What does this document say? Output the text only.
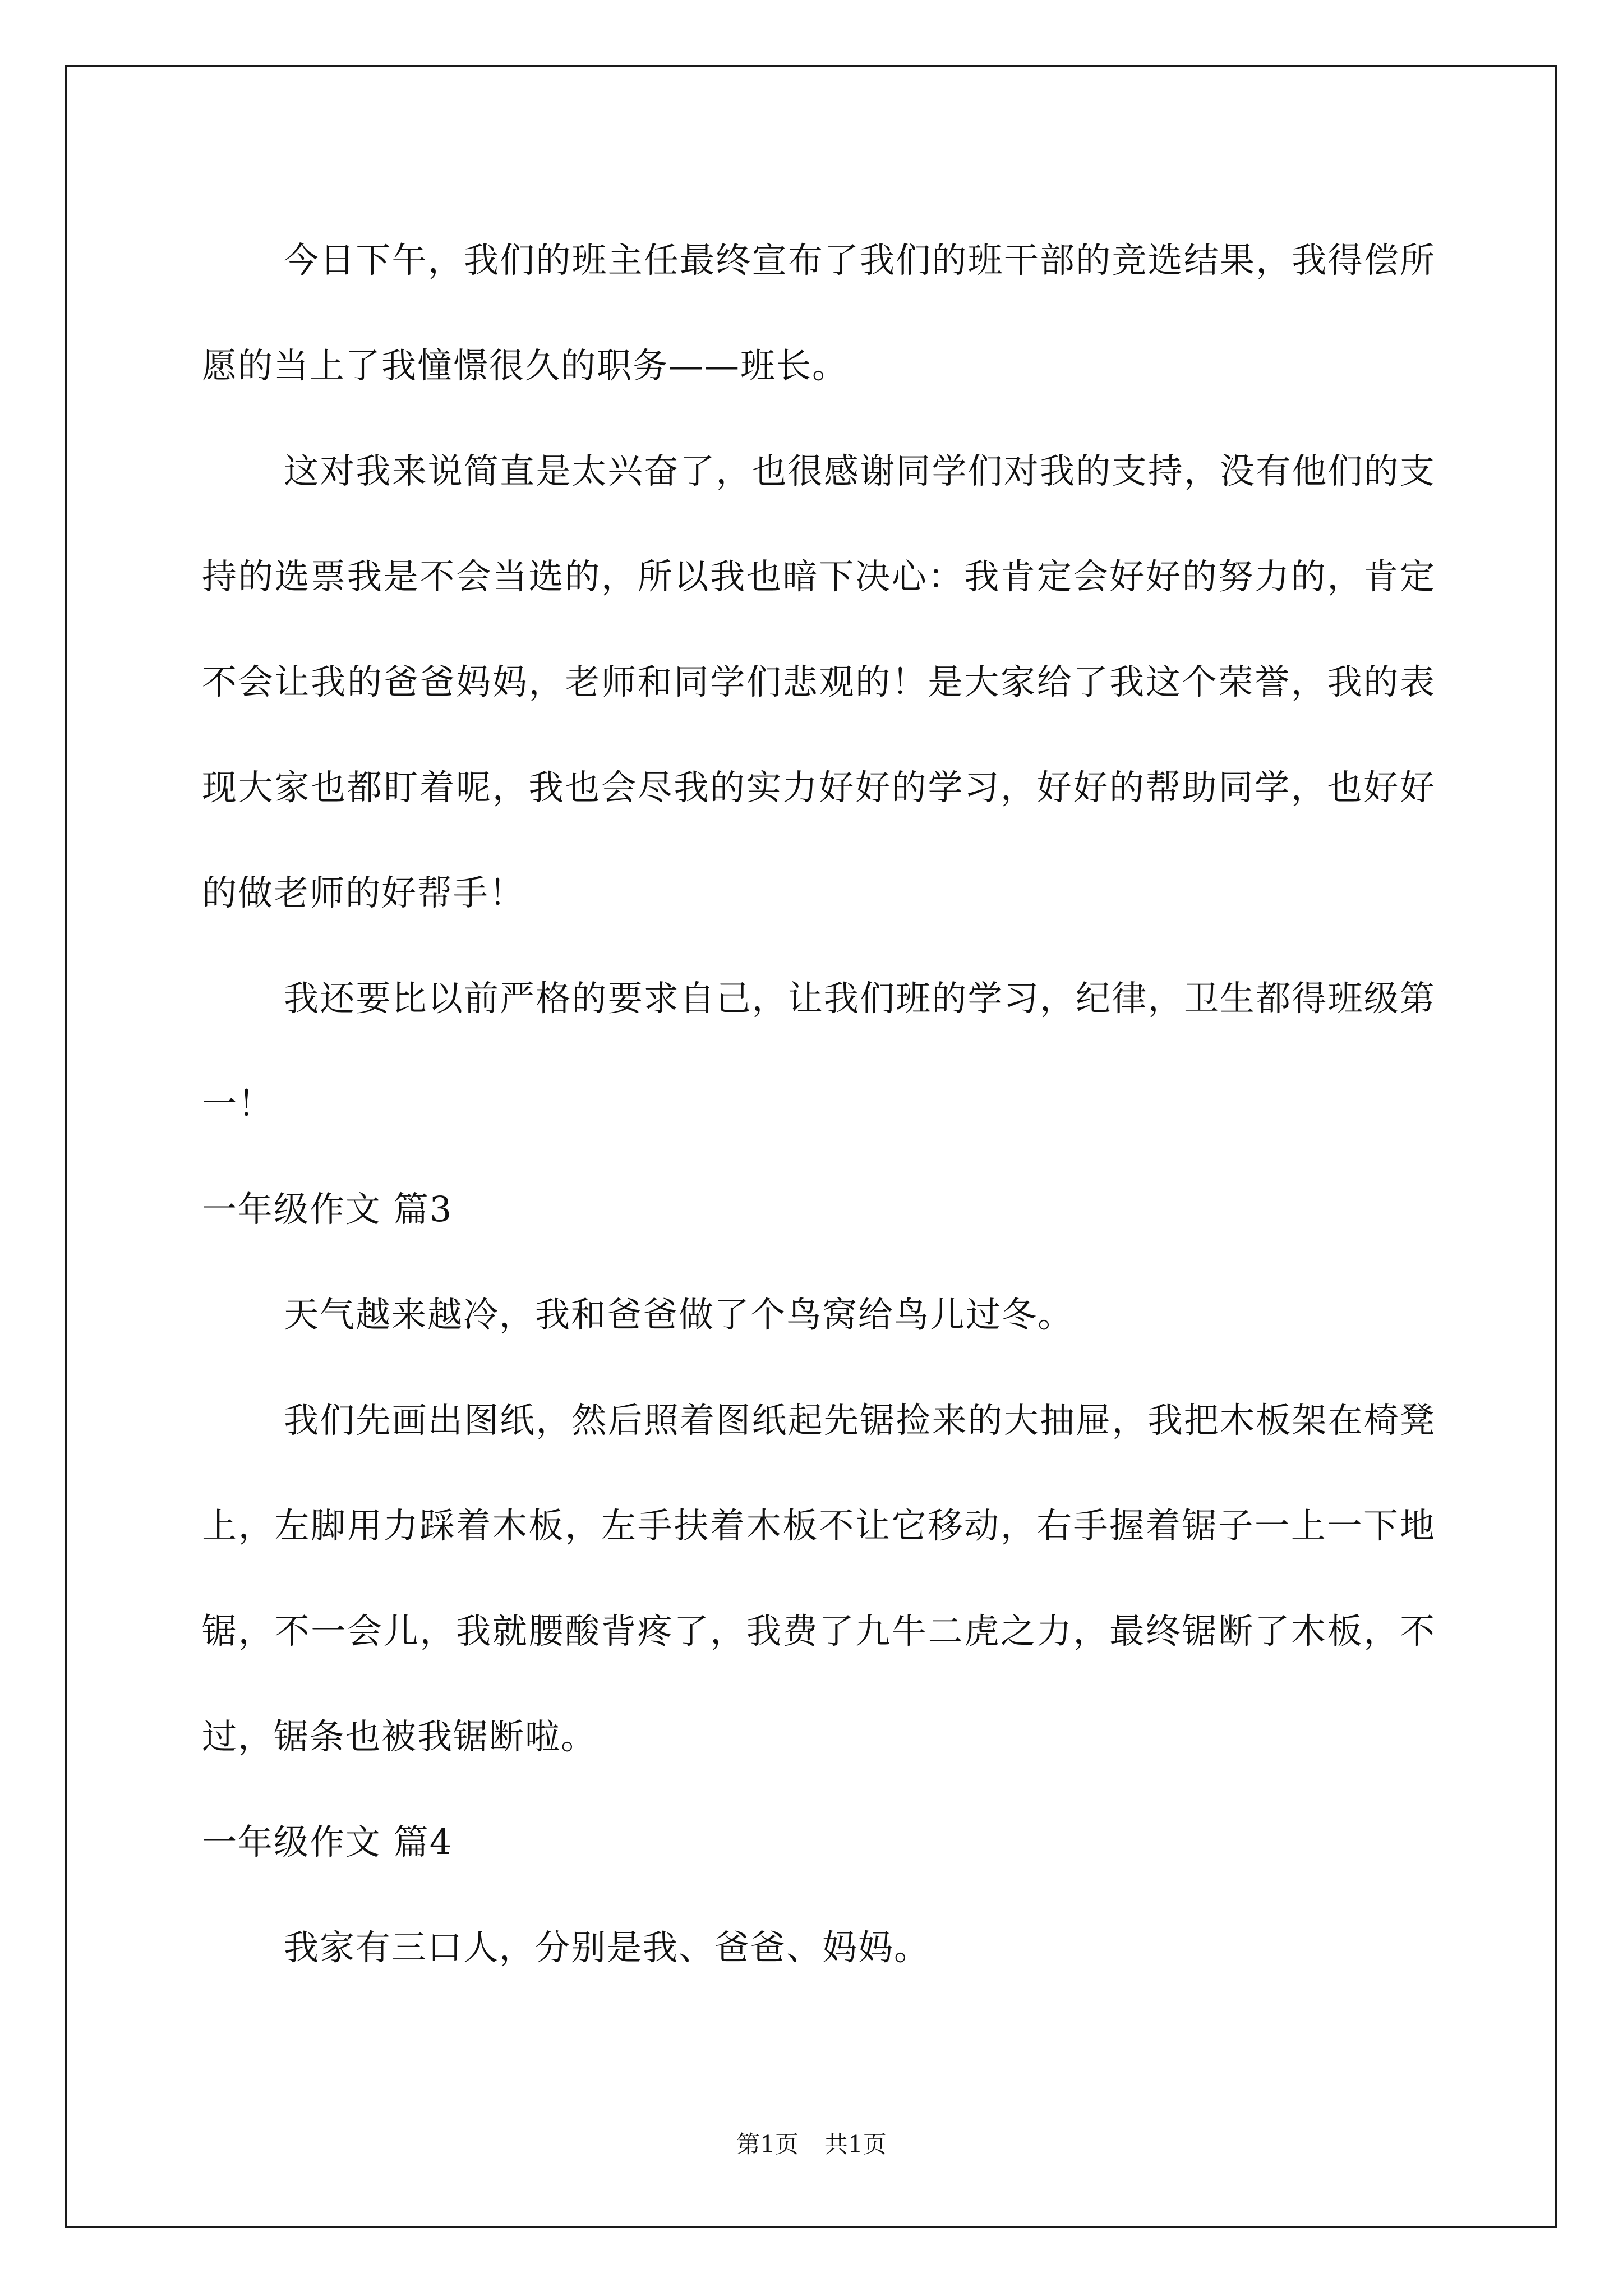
今日下午，我们的班主任最终宣布了我们的班干部的竞选结果，我得偿所愿的当上了我憧憬很久的职务——班长。

这对我来说简直是太兴奋了，也很感谢同学们对我的支持，没有他们的支持的选票我是不会当选的，所以我也暗下决心：我肯定会好好的努力的，肯定不会让我的爸爸妈妈，老师和同学们悲观的！是大家给了我这个荣誉，我的表现大家也都盯着呢，我也会尽我的实力好好的学习，好好的帮助同学，也好好的做老师的好帮手！

我还要比以前严格的要求自己，让我们班的学习，纪律，卫生都得班级第一！

一年级作文 篇3

天气越来越冷，我和爸爸做了个鸟窝给鸟儿过冬。

我们先画出图纸，然后照着图纸起先锯捡来的大抽屉，我把木板架在椅凳上，左脚用力踩着木板，左手扶着木板不让它移动，右手握着锯子一上一下地锯，不一会儿，我就腰酸背疼了，我费了九牛二虎之力，最终锯断了木板，不过，锯条也被我锯断啦。

一年级作文 篇4

我家有三口人，分别是我、爸爸、妈妈。

第1页 共1页
